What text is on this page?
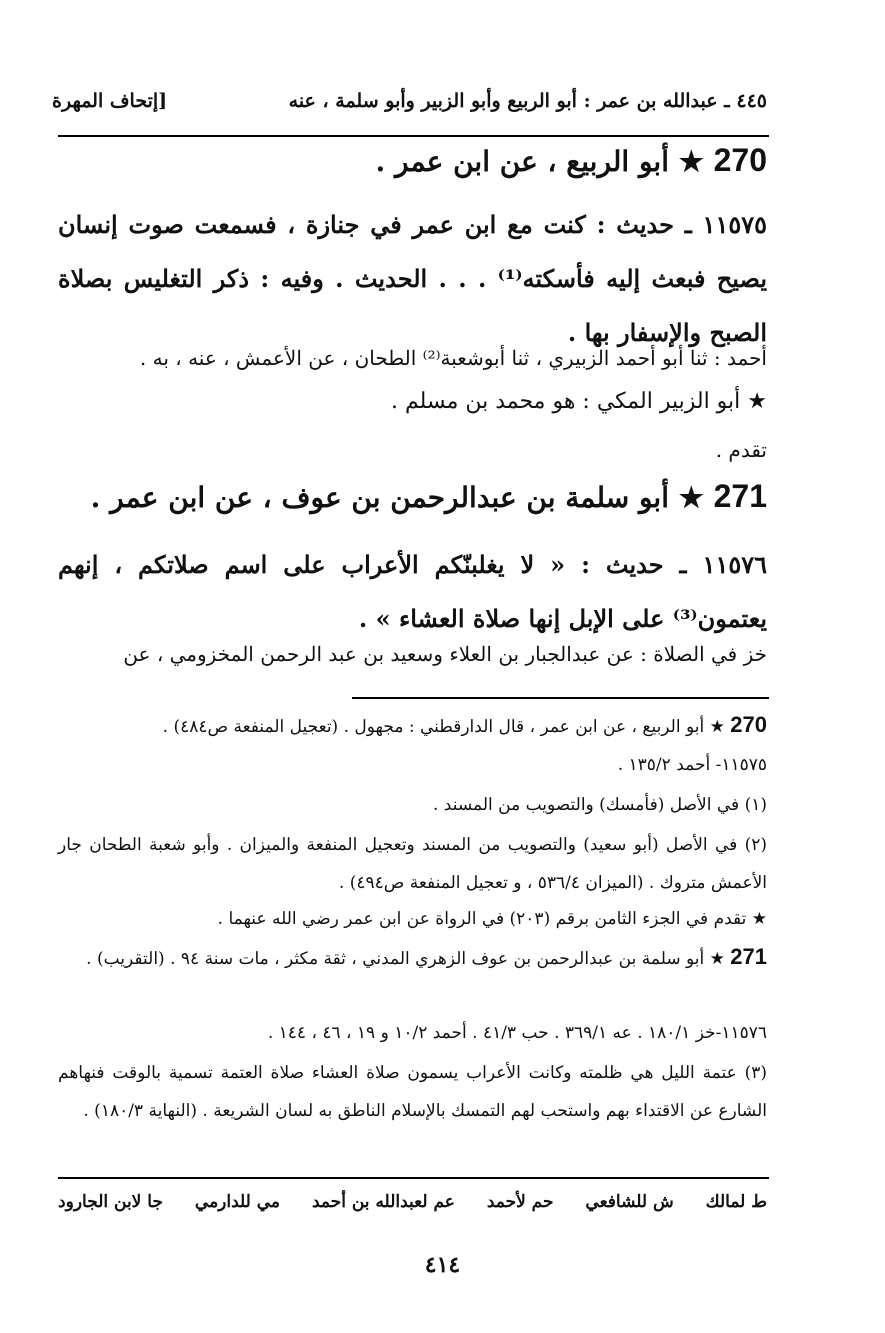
٤٤٥ ـ عبدالله بن عمر : أبو الربيع وأبو الزبير وأبو سلمة ، عنه
[إتحاف المهرة
270 ★ أبو الربيع ، عن ابن عمر .
١١٥٧٥ ـ حديث : كنت مع ابن عمر في جنازة ، فسمعت صوت إنسان يصيح فبعث إليه فأسكته⁽¹⁾ . . . الحديث . وفيه : ذكر التغليس بصلاة الصبح والإسفار بها .
أحمد : ثنا أبو أحمد الزبيري ، ثنا أبوشعبة⁽²⁾ الطحان ، عن الأعمش ، عنه ، به .
★ أبو الزبير المكي : هو محمد بن مسلم .
تقدم .
271 ★ أبو سلمة بن عبدالرحمن بن عوف ، عن ابن عمر .
١١٥٧٦ ـ حديث : « لا يغلبنّكم الأعراب على اسم صلاتكم ، إنهم يعتمون⁽³⁾ على الإبل إنها صلاة العشاء » .
خز في الصلاة : عن عبدالجبار بن العلاء وسعيد بن عبد الرحمن المخزومي ، عن
270 ★ أبو الربيع ، عن ابن عمر ، قال الدارقطني : مجهول . (تعجيل المنفعة ص٤٨٤) .
١١٥٧٥- أحمد ١٣٥/٢ .
(١) في الأصل (فأمسك) والتصويب من المسند .
(٢) في الأصل (أبو سعيد) والتصويب من المسند وتعجيل المنفعة والميزان . وأبو شعبة الطحان جار الأعمش متروك . (الميزان ٥٣٦/٤ ، و تعجيل المنفعة ص٤٩٤) .
★ تقدم في الجزء الثامن برقم (٢٠٣) في الرواة عن ابن عمر رضي الله عنهما .
271 ★ أبو سلمة بن عبدالرحمن بن عوف الزهري المدني ، ثقة مكثر ، مات سنة ٩٤ . (التقريب) .
١١٥٧٦-خز ١٨٠/١ . عه ٣٦٩/١ . حب ٤١/٣ . أحمد ١٠/٢ و ١٩ ، ٤٦ ، ١٤٤ .
(٣) عتمة الليل هي ظلمته وكانت الأعراب يسمون صلاة العشاء صلاة العتمة تسمية بالوقت فنهاهم الشارع عن الاقتداء بهم واستحب لهم التمسك بالإسلام الناطق به لسان الشريعة . (النهاية ١٨٠/٣) .
ط لمالك
ش للشافعي
حم لأحمد
عم لعبدالله بن أحمد
مي للدارمي
جا لابن الجارود
٤١٤
